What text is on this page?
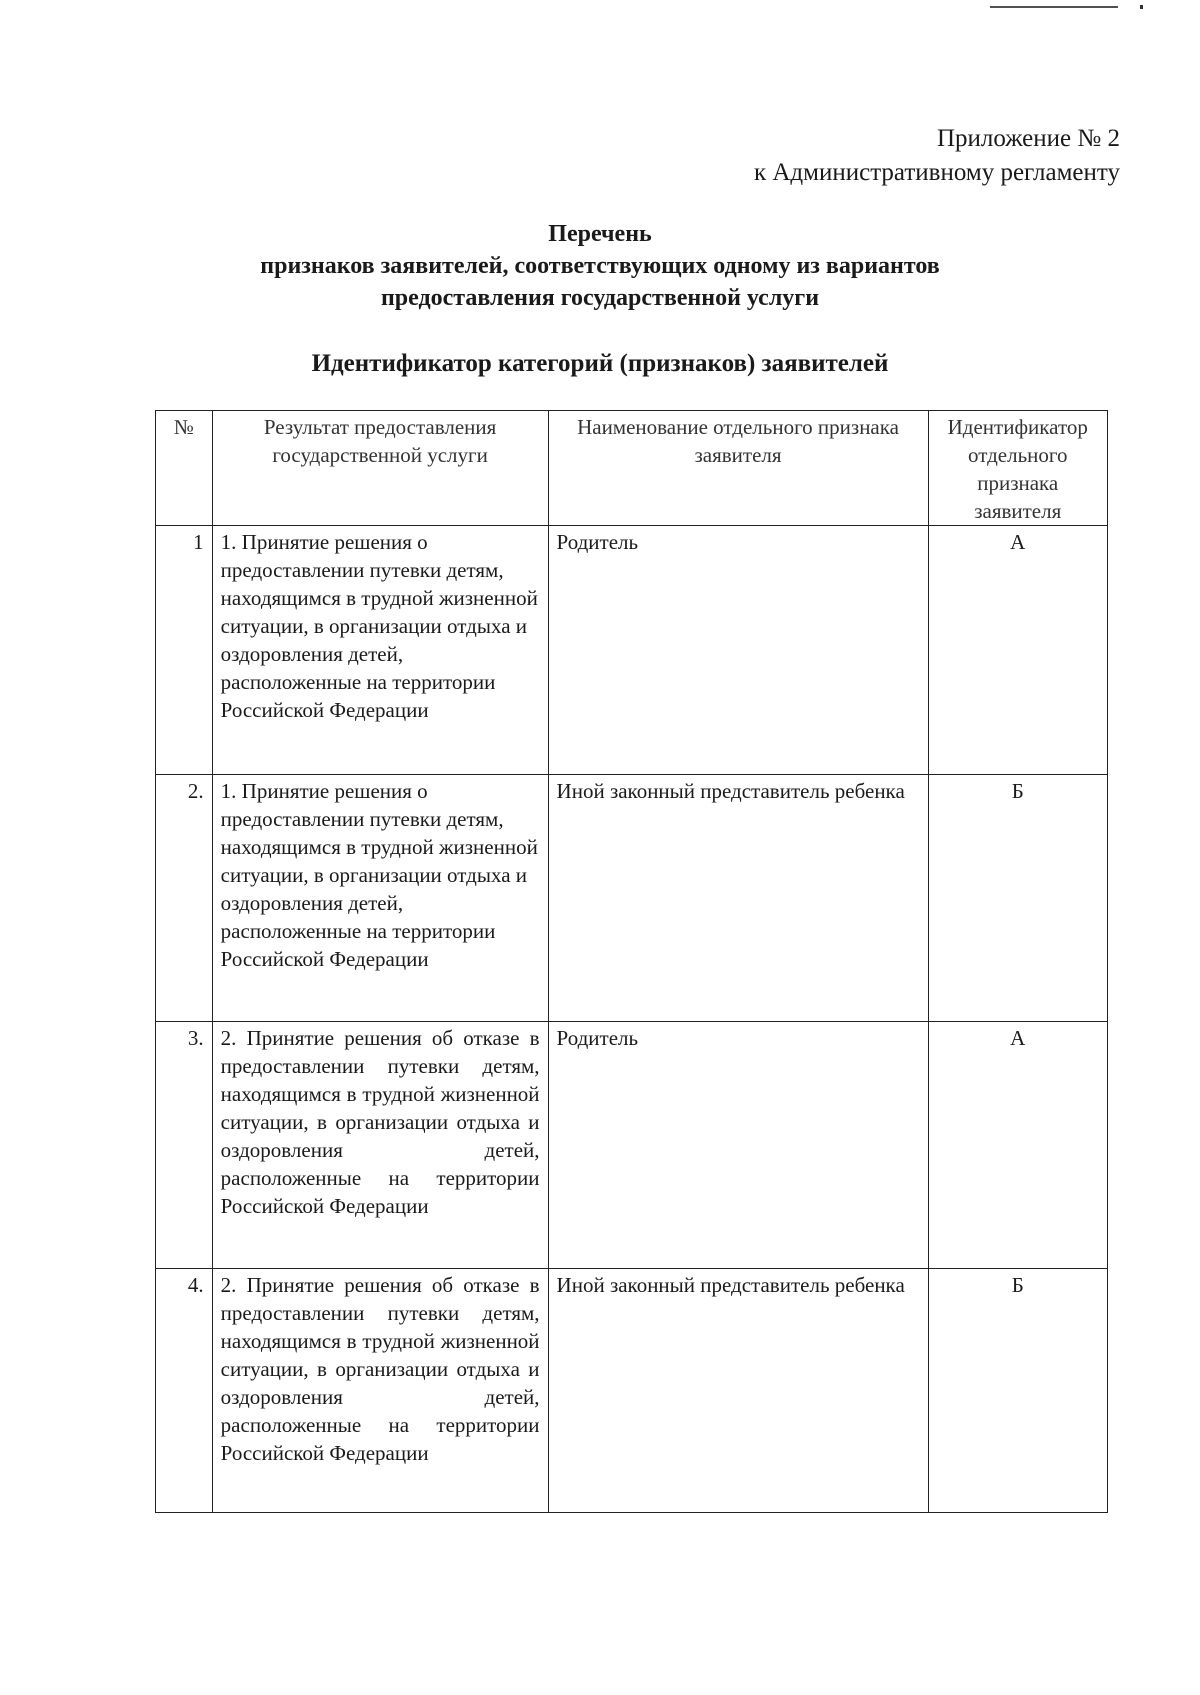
Приложение № 2
к Административному регламенту
Перечень
признаков заявителей, соответствующих одному из вариантов
предоставления государственной услуги
Идентификатор категорий (признаков) заявителей
№	Результат предоставления государственной услуги	Наименование отдельного признака заявителя	Идентификатор отдельного признака заявителя
1	1. Принятие решения о предоставлении путевки детям, находящимся в трудной жизненной ситуации, в организации отдыха и оздоровления детей, расположенные на территории Российской Федерации	Родитель	А
2.	1. Принятие решения о предоставлении путевки детям, находящимся в трудной жизненной ситуации, в организации отдыха и оздоровления детей, расположенные на территории Российской Федерации	Иной законный представитель ребенка	Б
3.	2. Принятие решения об отказе в предоставлении путевки детям, находящимся в трудной жизненной ситуации, в организации отдыха и оздоровления детей, расположенные на территории Российской Федерации	Родитель	А
4.	2. Принятие решения об отказе в предоставлении путевки детям, находящимся в трудной жизненной ситуации, в организации отдыха и оздоровления детей, расположенные на территории Российской Федерации	Иной законный представитель ребенка	Б
